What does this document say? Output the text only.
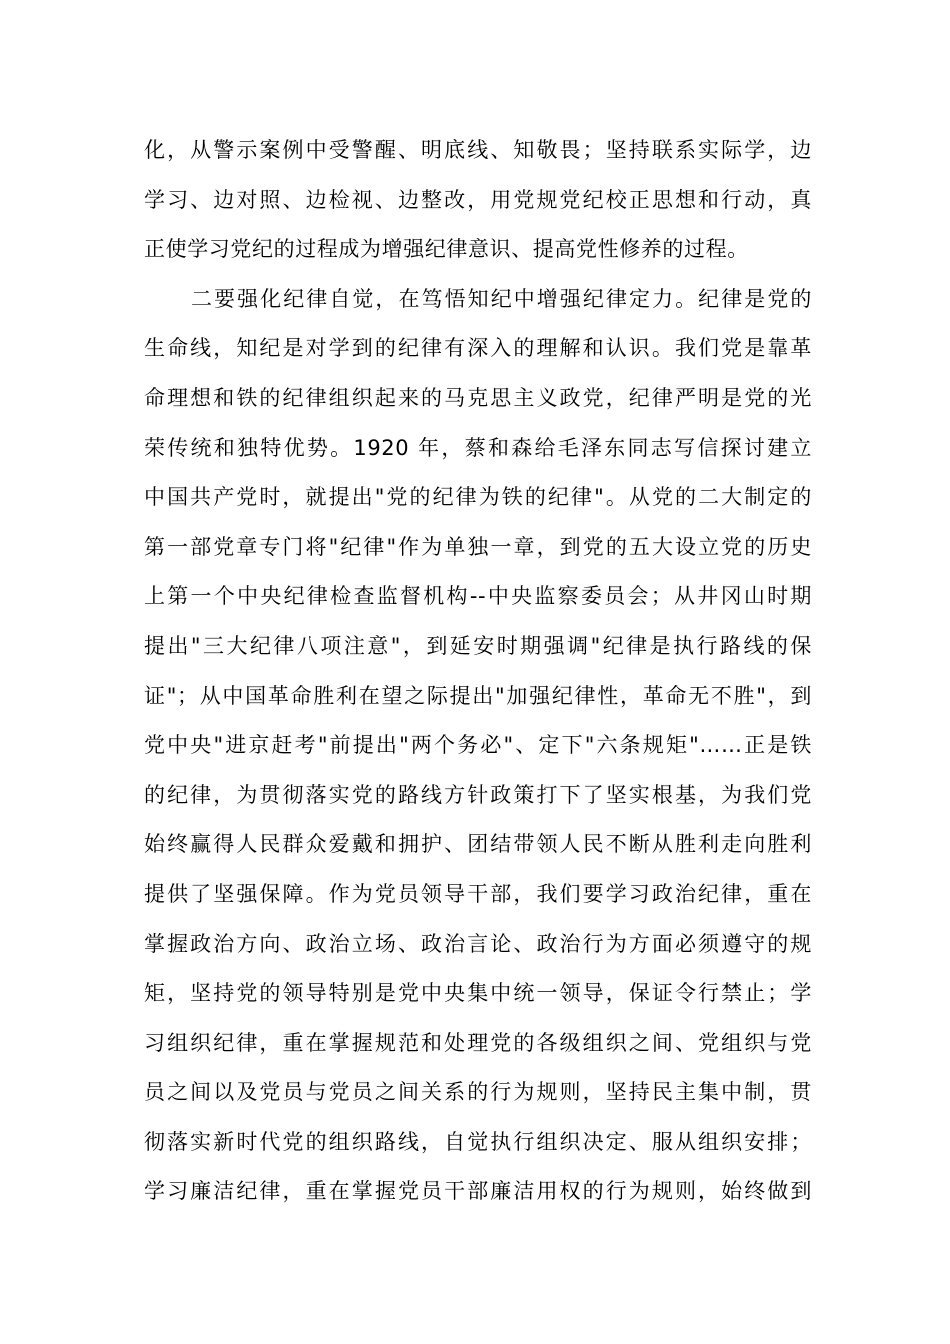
化，从警示案例中受警醒、明底线、知敬畏；坚持联系实际学，边
学习、边对照、边检视、边整改，用党规党纪校正思想和行动，真
正使学习党纪的过程成为增强纪律意识、提高党性修养的过程。
二要强化纪律自觉，在笃悟知纪中增强纪律定力。纪律是党的
生命线，知纪是对学到的纪律有深入的理解和认识。我们党是靠革
命理想和铁的纪律组织起来的马克思主义政党，纪律严明是党的光
荣传统和独特优势。1920 年，蔡和森给毛泽东同志写信探讨建立
中国共产党时，就提出"党的纪律为铁的纪律"。从党的二大制定的
第一部党章专门将"纪律"作为单独一章，到党的五大设立党的历史
上第一个中央纪律检查监督机构--中央监察委员会；从井冈山时期
提出"三大纪律八项注意"，到延安时期强调"纪律是执行路线的保
证"；从中国革命胜利在望之际提出"加强纪律性，革命无不胜"，到
党中央"进京赶考"前提出"两个务必"、定下"六条规矩"……正是铁
的纪律，为贯彻落实党的路线方针政策打下了坚实根基，为我们党
始终赢得人民群众爱戴和拥护、团结带领人民不断从胜利走向胜利
提供了坚强保障。作为党员领导干部，我们要学习政治纪律，重在
掌握政治方向、政治立场、政治言论、政治行为方面必须遵守的规
矩，坚持党的领导特别是党中央集中统一领导，保证令行禁止；学
习组织纪律，重在掌握规范和处理党的各级组织之间、党组织与党
员之间以及党员与党员之间关系的行为规则，坚持民主集中制，贯
彻落实新时代党的组织路线，自觉执行组织决定、服从组织安排；
学习廉洁纪律，重在掌握党员干部廉洁用权的行为规则，始终做到
